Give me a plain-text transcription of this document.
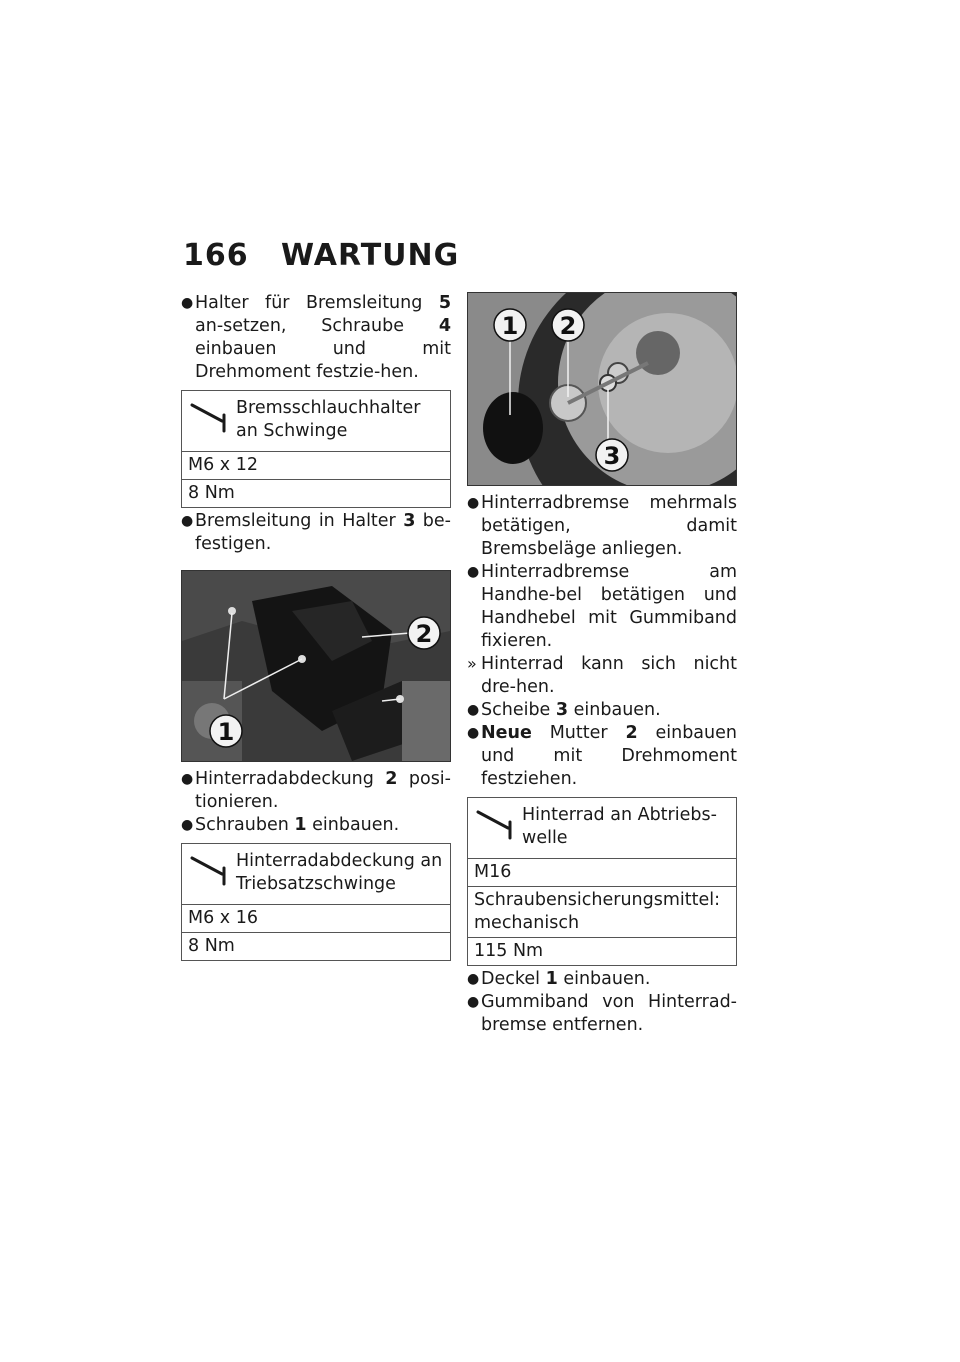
166 WARTUNG
● Halter für Bremsleitung 5 an-setzen, Schraube 4 einbauen und mit Drehmoment festzie-hen.
Bremsschlauchhalter an Schwinge
M6 x 12
8 Nm
● Bremsleitung in Halter 3 be-festigen.
2
1
● Hinterradabdeckung 2 posi-tionieren.
● Schrauben 1 einbauen.
Hinterradabdeckung an Triebsatzschwinge
M6 x 16
8 Nm
1 2
3
● Hinterradbremse mehrmals betätigen, damit Bremsbeläge anliegen.
● Hinterradbremse am Handhe-bel betätigen und Handhebel mit Gummiband fixieren.
» Hinterrad kann sich nicht dre-hen.
● Scheibe 3 einbauen.
● Neue Mutter 2 einbauen und mit Drehmoment festziehen.
Hinterrad an Abtriebs-welle
M16
Schraubensicherungsmittel: mechanisch
115 Nm
● Deckel 1 einbauen.
● Gummiband von Hinterrad-bremse entfernen.
